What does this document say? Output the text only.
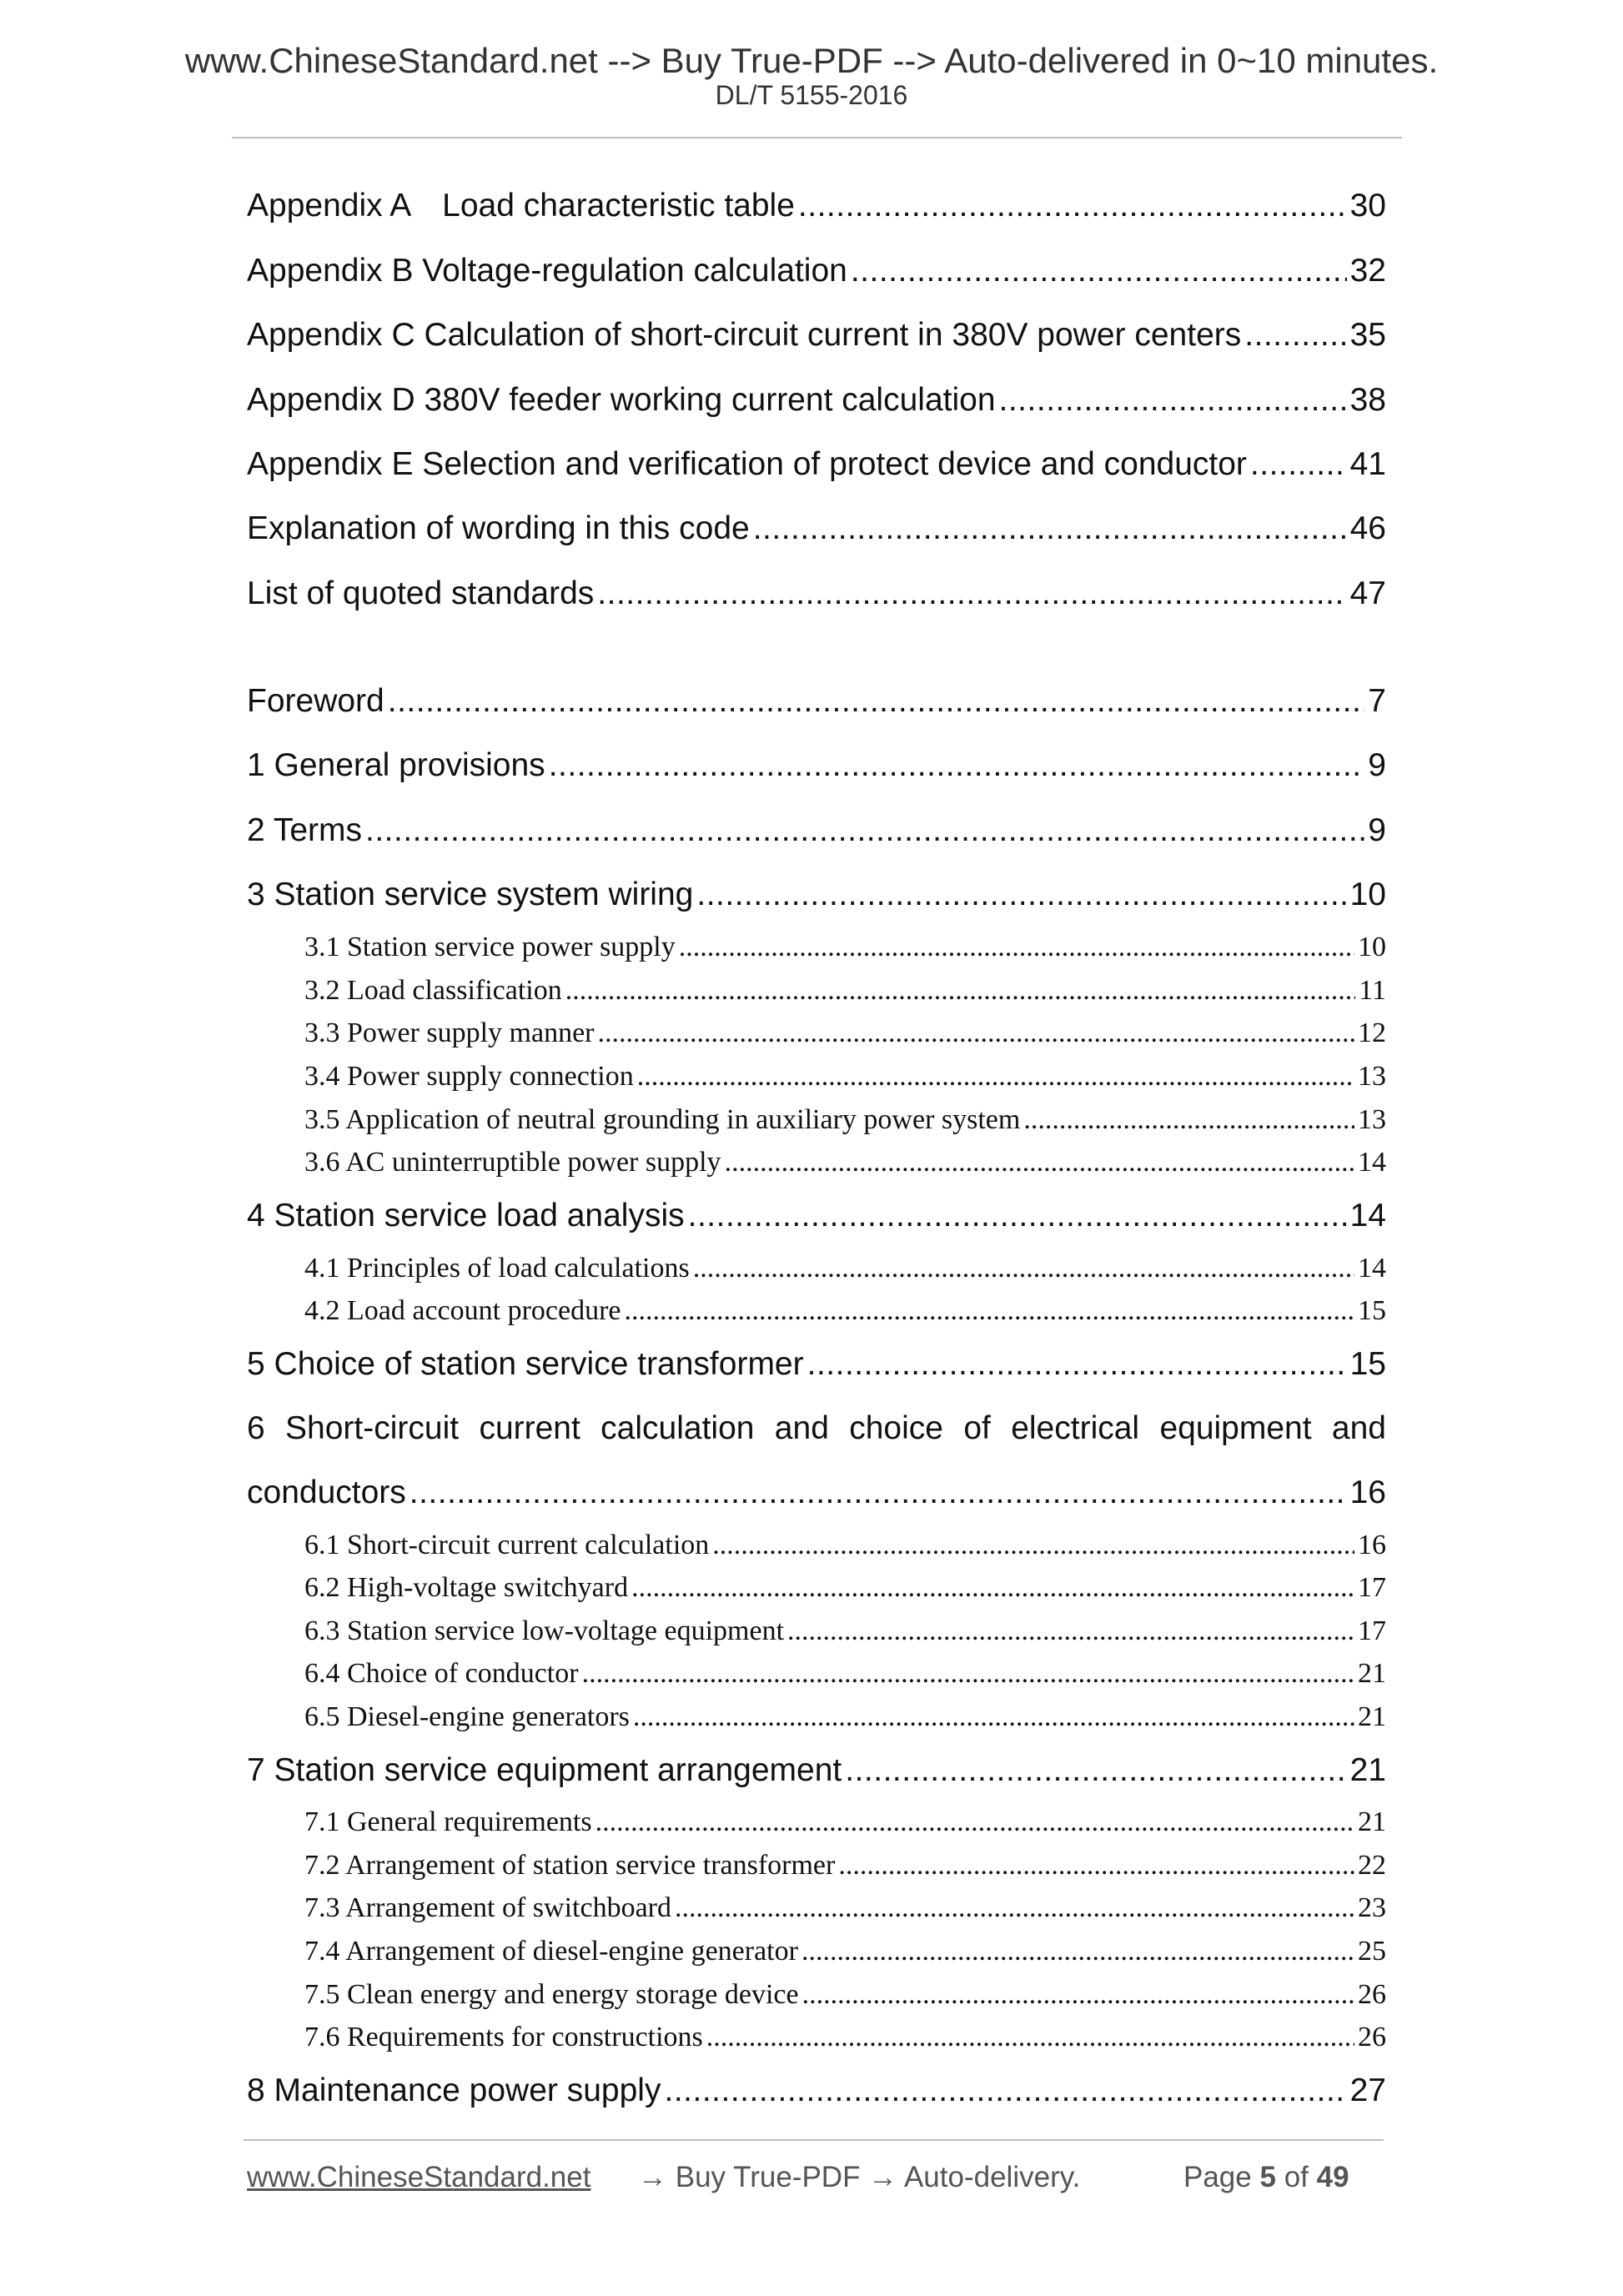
www.ChineseStandard.net --> Buy True-PDF --> Auto-delivered in 0~10 minutes.
DL/T 5155-2016
Appendix A　Load characteristic table .....	30
Appendix B Voltage-regulation calculation .....	32
Appendix C Calculation of short-circuit current in 380V power centers .....	35
Appendix D 380V feeder working current calculation .....	38
Appendix E Selection and verification of protect device and conductor .....	41
Explanation of wording in this code .....	46
List of quoted standards .....	47
Foreword .....	7
1 General provisions .....	9
2 Terms .....	9
3 Station service system wiring .....	10
3.1 Station service power supply .....	10
3.2 Load classification .....	11
3.3 Power supply manner .....	12
3.4 Power supply connection .....	13
3.5 Application of neutral grounding in auxiliary power system .....	13
3.6 AC uninterruptible power supply .....	14
4 Station service load analysis .....	14
4.1 Principles of load calculations .....	14
4.2 Load account procedure .....	15
5 Choice of station service transformer .....	15
6 Short-circuit current calculation and choice of electrical equipment and
conductors .....	16
6.1 Short-circuit current calculation .....	16
6.2 High-voltage switchyard .....	17
6.3 Station service low-voltage equipment .....	17
6.4 Choice of conductor .....	21
6.5 Diesel-engine generators .....	21
7 Station service equipment arrangement .....	21
7.1 General requirements .....	21
7.2 Arrangement of station service transformer .....	22
7.3 Arrangement of switchboard .....	23
7.4 Arrangement of diesel-engine generator .....	25
7.5 Clean energy and energy storage device .....	26
7.6 Requirements for constructions .....	26
8 Maintenance power supply .....	27
www.ChineseStandard.net → Buy True-PDF → Auto-delivery.	Page 5 of 49
